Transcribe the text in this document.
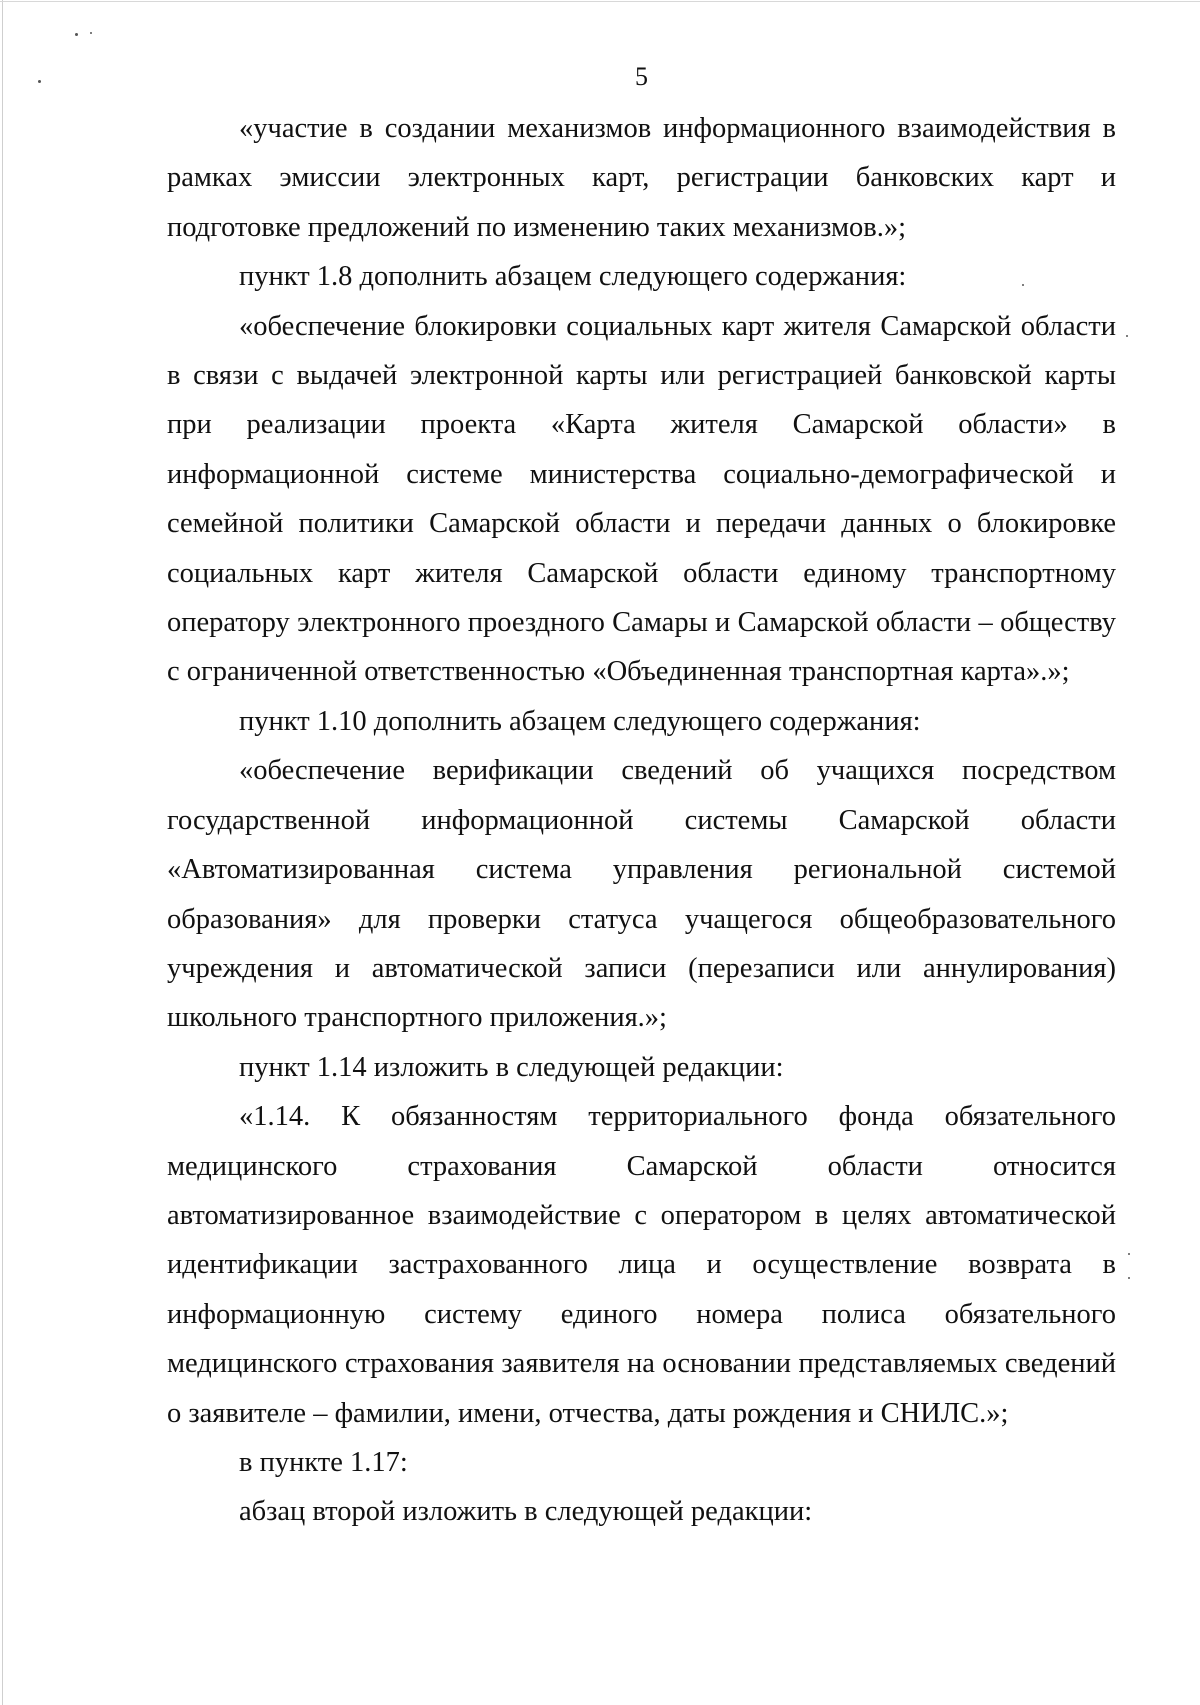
5

«участие в создании механизмов информационного взаимодействия в рамках эмиссии электронных карт, регистрации банковских карт и подготовке предложений по изменению таких механизмов.»;

пункт 1.8 дополнить абзацем следующего содержания:

«обеспечение блокировки социальных карт жителя Самарской области в связи с выдачей электронной карты или регистрацией банковской карты при реализации проекта «Карта жителя Самарской области» в информационной системе министерства социально-демографической и семейной политики Самарской области и передачи данных о блокировке социальных карт жителя Самарской области единому транспортному оператору электронного проездного Самары и Самарской области – обществу с ограниченной ответственностью «Объединенная транспортная карта».»;

пункт 1.10 дополнить абзацем следующего содержания:

«обеспечение верификации сведений об учащихся посредством государственной информационной системы Самарской области «Автоматизированная система управления региональной системой образования» для проверки статуса учащегося общеобразовательного учреждения и автоматической записи (перезаписи или аннулирования) школьного транспортного приложения.»;

пункт 1.14 изложить в следующей редакции:

«1.14. К обязанностям территориального фонда обязательного медицинского страхования Самарской области относится автоматизированное взаимодействие с оператором в целях автоматической идентификации застрахованного лица и осуществление возврата в информационную систему единого номера полиса обязательного медицинского страхования заявителя на основании представляемых сведений о заявителе – фамилии, имени, отчества, даты рождения и СНИЛС.»;

в пункте 1.17:

абзац второй изложить в следующей редакции:
